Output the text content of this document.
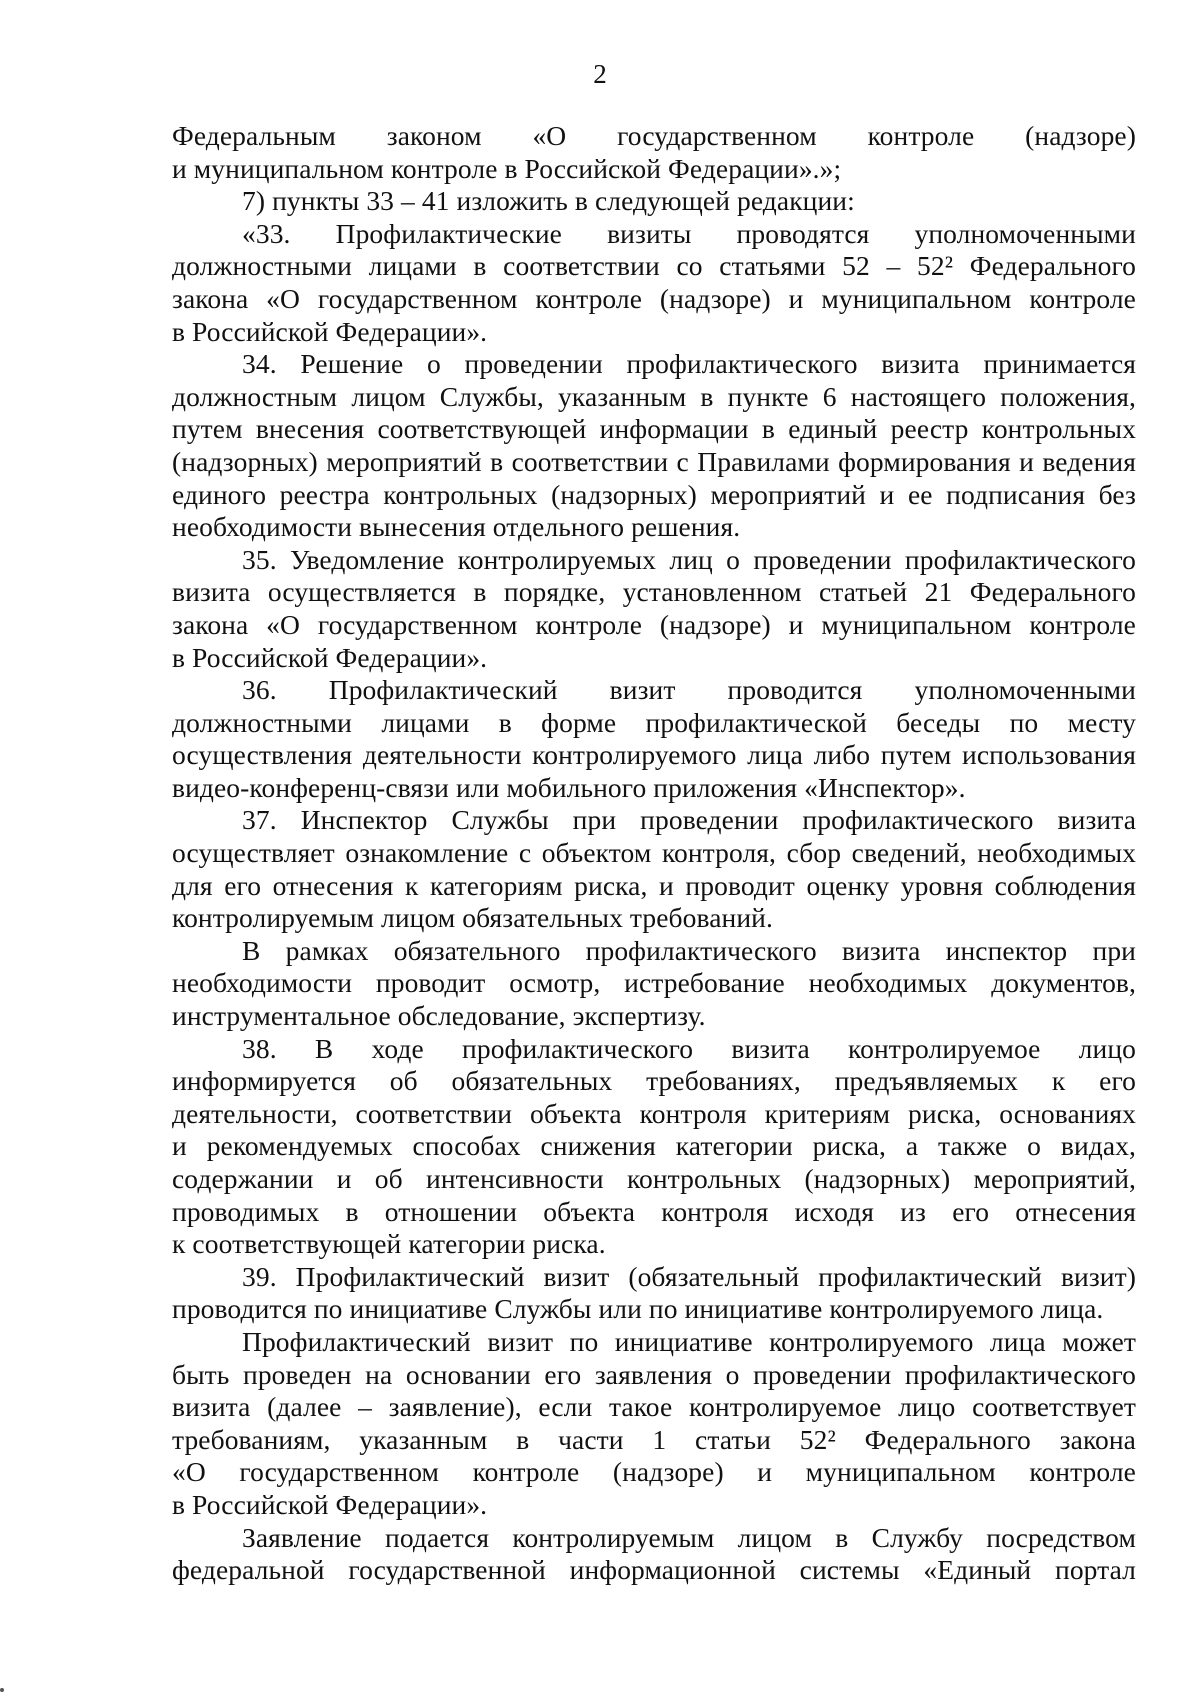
2
Федеральным законом «О государственном контроле (надзоре)
и муниципальном контроле в Российской Федерации».»;
7) пункты 33 – 41 изложить в следующей редакции:
«33. Профилактические визиты проводятся уполномоченными
должностными лицами в соответствии со статьями 52 – 52² Федерального
закона «О государственном контроле (надзоре) и муниципальном контроле
в Российской Федерации».
34. Решение о проведении профилактического визита принимается
должностным лицом Службы, указанным в пункте 6 настоящего положения,
путем внесения соответствующей информации в единый реестр контрольных
(надзорных) мероприятий в соответствии с Правилами формирования и ведения
единого реестра контрольных (надзорных) мероприятий и ее подписания без
необходимости вынесения отдельного решения.
35. Уведомление контролируемых лиц о проведении профилактического
визита осуществляется в порядке, установленном статьей 21 Федерального
закона «О государственном контроле (надзоре) и муниципальном контроле
в Российской Федерации».
36. Профилактический визит проводится уполномоченными
должностными лицами в форме профилактической беседы по месту
осуществления деятельности контролируемого лица либо путем использования
видео-конференц-связи или мобильного приложения «Инспектор».
37. Инспектор Службы при проведении профилактического визита
осуществляет ознакомление с объектом контроля, сбор сведений, необходимых
для его отнесения к категориям риска, и проводит оценку уровня соблюдения
контролируемым лицом обязательных требований.
В рамках обязательного профилактического визита инспектор при
необходимости проводит осмотр, истребование необходимых документов,
инструментальное обследование, экспертизу.
38. В ходе профилактического визита контролируемое лицо
информируется об обязательных требованиях, предъявляемых к его
деятельности, соответствии объекта контроля критериям риска, основаниях
и рекомендуемых способах снижения категории риска, а также о видах,
содержании и об интенсивности контрольных (надзорных) мероприятий,
проводимых в отношении объекта контроля исходя из его отнесения
к соответствующей категории риска.
39. Профилактический визит (обязательный профилактический визит)
проводится по инициативе Службы или по инициативе контролируемого лица.
Профилактический визит по инициативе контролируемого лица может
быть проведен на основании его заявления о проведении профилактического
визита (далее – заявление), если такое контролируемое лицо соответствует
требованиям, указанным в части 1 статьи 52² Федерального закона
«О государственном контроле (надзоре) и муниципальном контроле
в Российской Федерации».
Заявление подается контролируемым лицом в Службу посредством
федеральной государственной информационной системы «Единый портал
